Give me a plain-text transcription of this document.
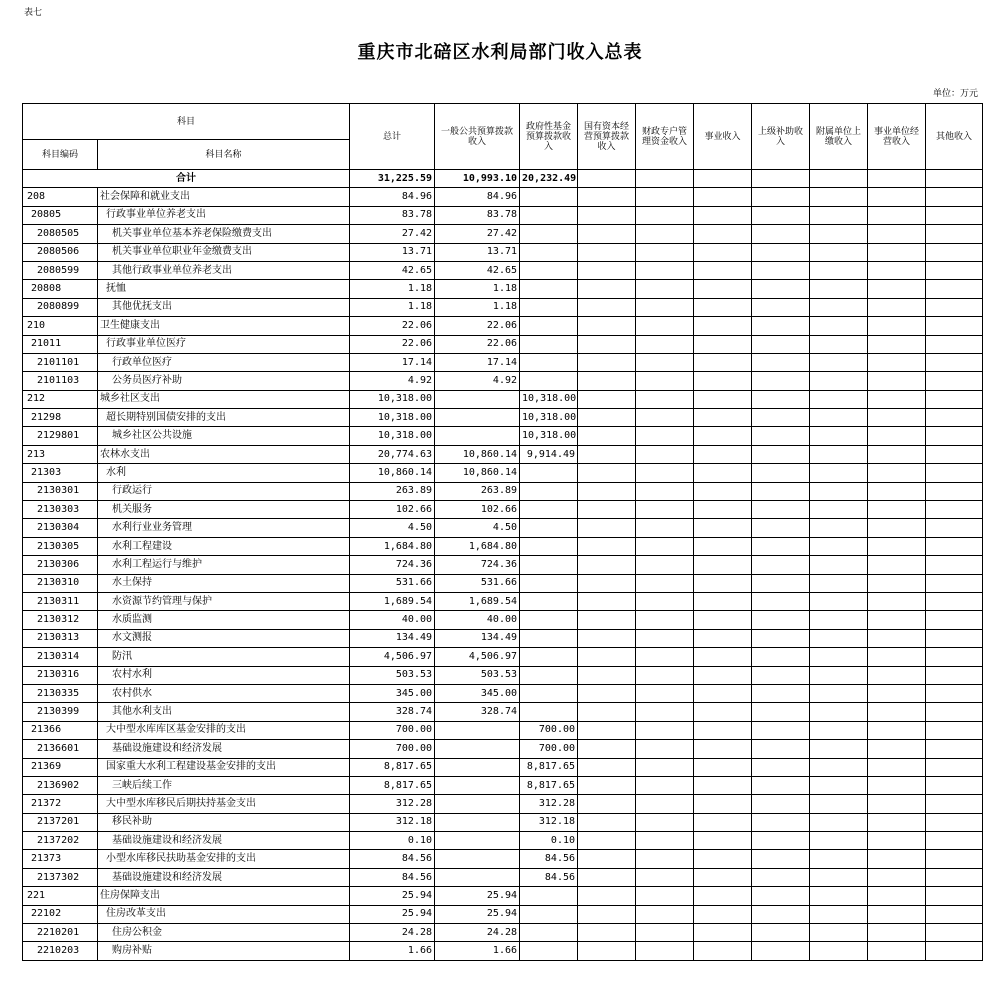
表七
重庆市北碚区水利局部门收入总表
单位：万元
科目		总计	一般公共预算拨款收入	政府性基金预算拨款收入	国有资本经营预算拨款收入	财政专户管理资金收入	事业收入	上级补助收入	附属单位上缴收入	事业单位经营收入	其他收入	
科目编码	科目名称											
合计		31,225.59	10,993.10	20,232.49								
208	社会保障和就业支出	84.96	84.96									
20805	行政事业单位养老支出	83.78	83.78									
2080505	机关事业单位基本养老保险缴费支出	27.42	27.42									
2080506	机关事业单位职业年金缴费支出	13.71	13.71									
2080599	其他行政事业单位养老支出	42.65	42.65									
20808	抚恤	1.18	1.18									
2080899	其他优抚支出	1.18	1.18									
210	卫生健康支出	22.06	22.06									
21011	行政事业单位医疗	22.06	22.06									
2101101	行政单位医疗	17.14	17.14									
2101103	公务员医疗补助	4.92	4.92									
212	城乡社区支出	10,318.00		10,318.00								
21298	超长期特别国债安排的支出	10,318.00		10,318.00								
2129801	城乡社区公共设施	10,318.00		10,318.00								
213	农林水支出	20,774.63	10,860.14	9,914.49								
21303	水利	10,860.14	10,860.14									
2130301	行政运行	263.89	263.89									
2130303	机关服务	102.66	102.66									
2130304	水利行业业务管理	4.50	4.50									
2130305	水利工程建设	1,684.80	1,684.80									
2130306	水利工程运行与维护	724.36	724.36									
2130310	水土保持	531.66	531.66									
2130311	水资源节约管理与保护	1,689.54	1,689.54									
2130312	水质监测	40.00	40.00									
2130313	水文测报	134.49	134.49									
2130314	防汛	4,506.97	4,506.97									
2130316	农村水利	503.53	503.53									
2130335	农村供水	345.00	345.00									
2130399	其他水利支出	328.74	328.74									
21366	大中型水库库区基金安排的支出	700.00		700.00								
2136601	基础设施建设和经济发展	700.00		700.00								
21369	国家重大水利工程建设基金安排的支出	8,817.65		8,817.65								
2136902	三峡后续工作	8,817.65		8,817.65								
21372	大中型水库移民后期扶持基金支出	312.28		312.28								
2137201	移民补助	312.18		312.18								
2137202	基础设施建设和经济发展	0.10		0.10								
21373	小型水库移民扶助基金安排的支出	84.56		84.56								
2137302	基础设施建设和经济发展	84.56		84.56								
221	住房保障支出	25.94	25.94									
22102	住房改革支出	25.94	25.94									
2210201	住房公积金	24.28	24.28									
2210203	购房补贴	1.66	1.66									
